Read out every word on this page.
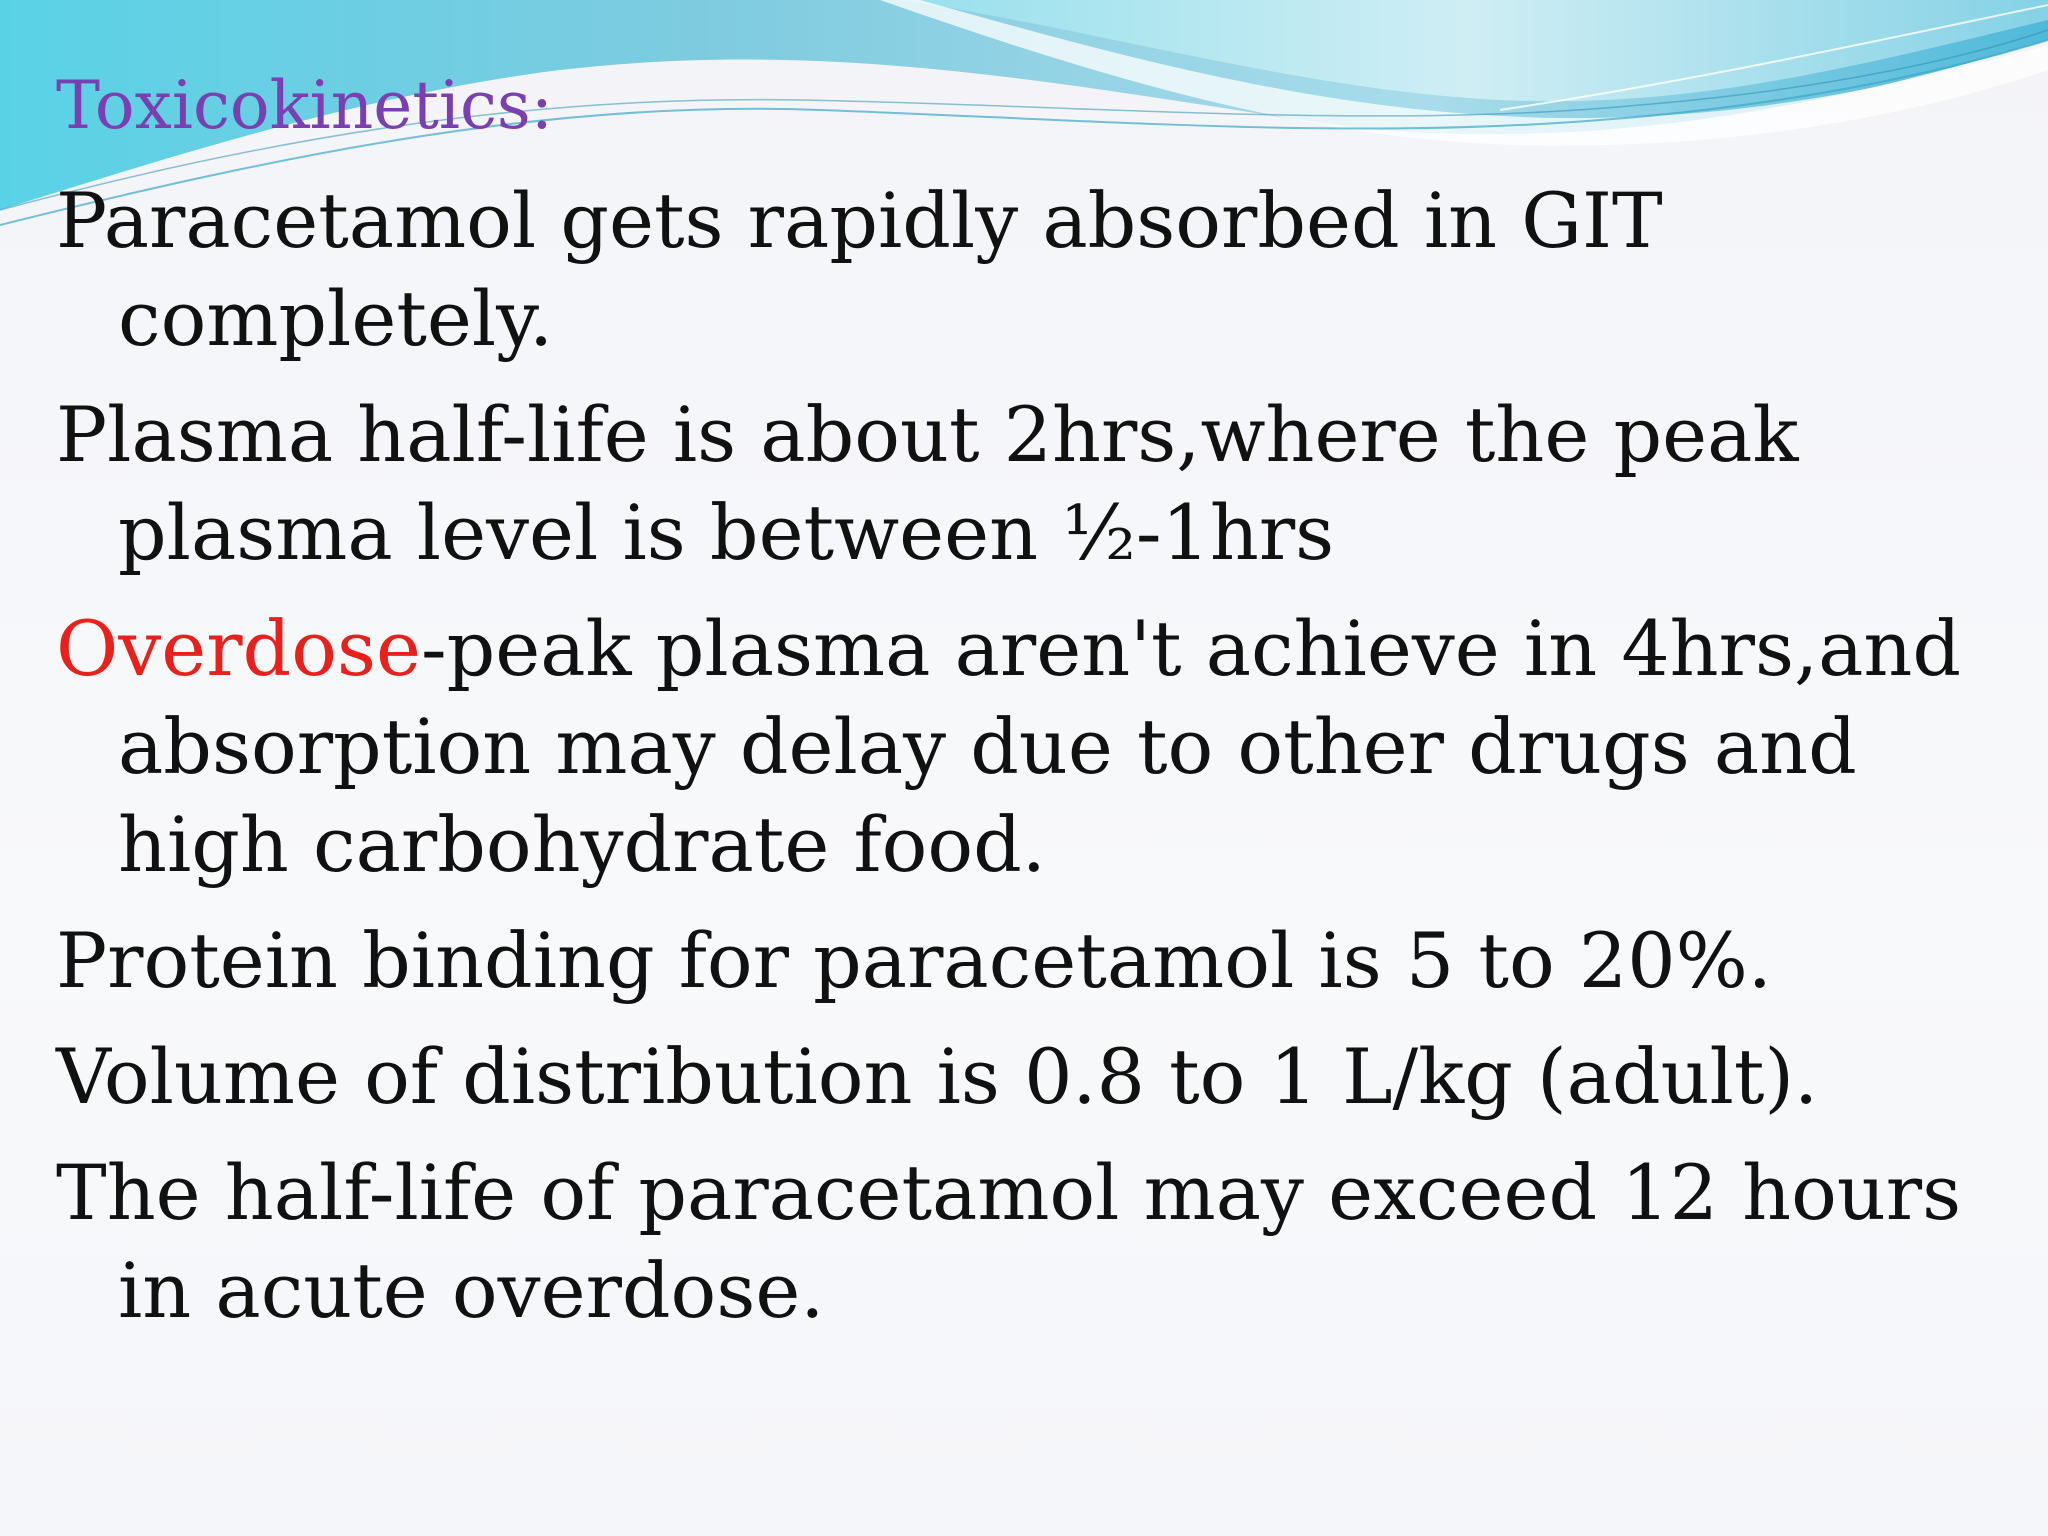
Toxicokinetics:
Paracetamol gets rapidly absorbed in GIT completely.
Plasma half-life is about 2hrs,where the peak plasma level is between ½-1hrs
Overdose-peak plasma aren't achieve in 4hrs,and absorption may delay due to other drugs and high carbohydrate food.
Protein binding for paracetamol is 5 to 20%.
Volume of distribution is 0.8 to 1 L/kg (adult).
The half-life of paracetamol may exceed 12 hours in acute overdose.
